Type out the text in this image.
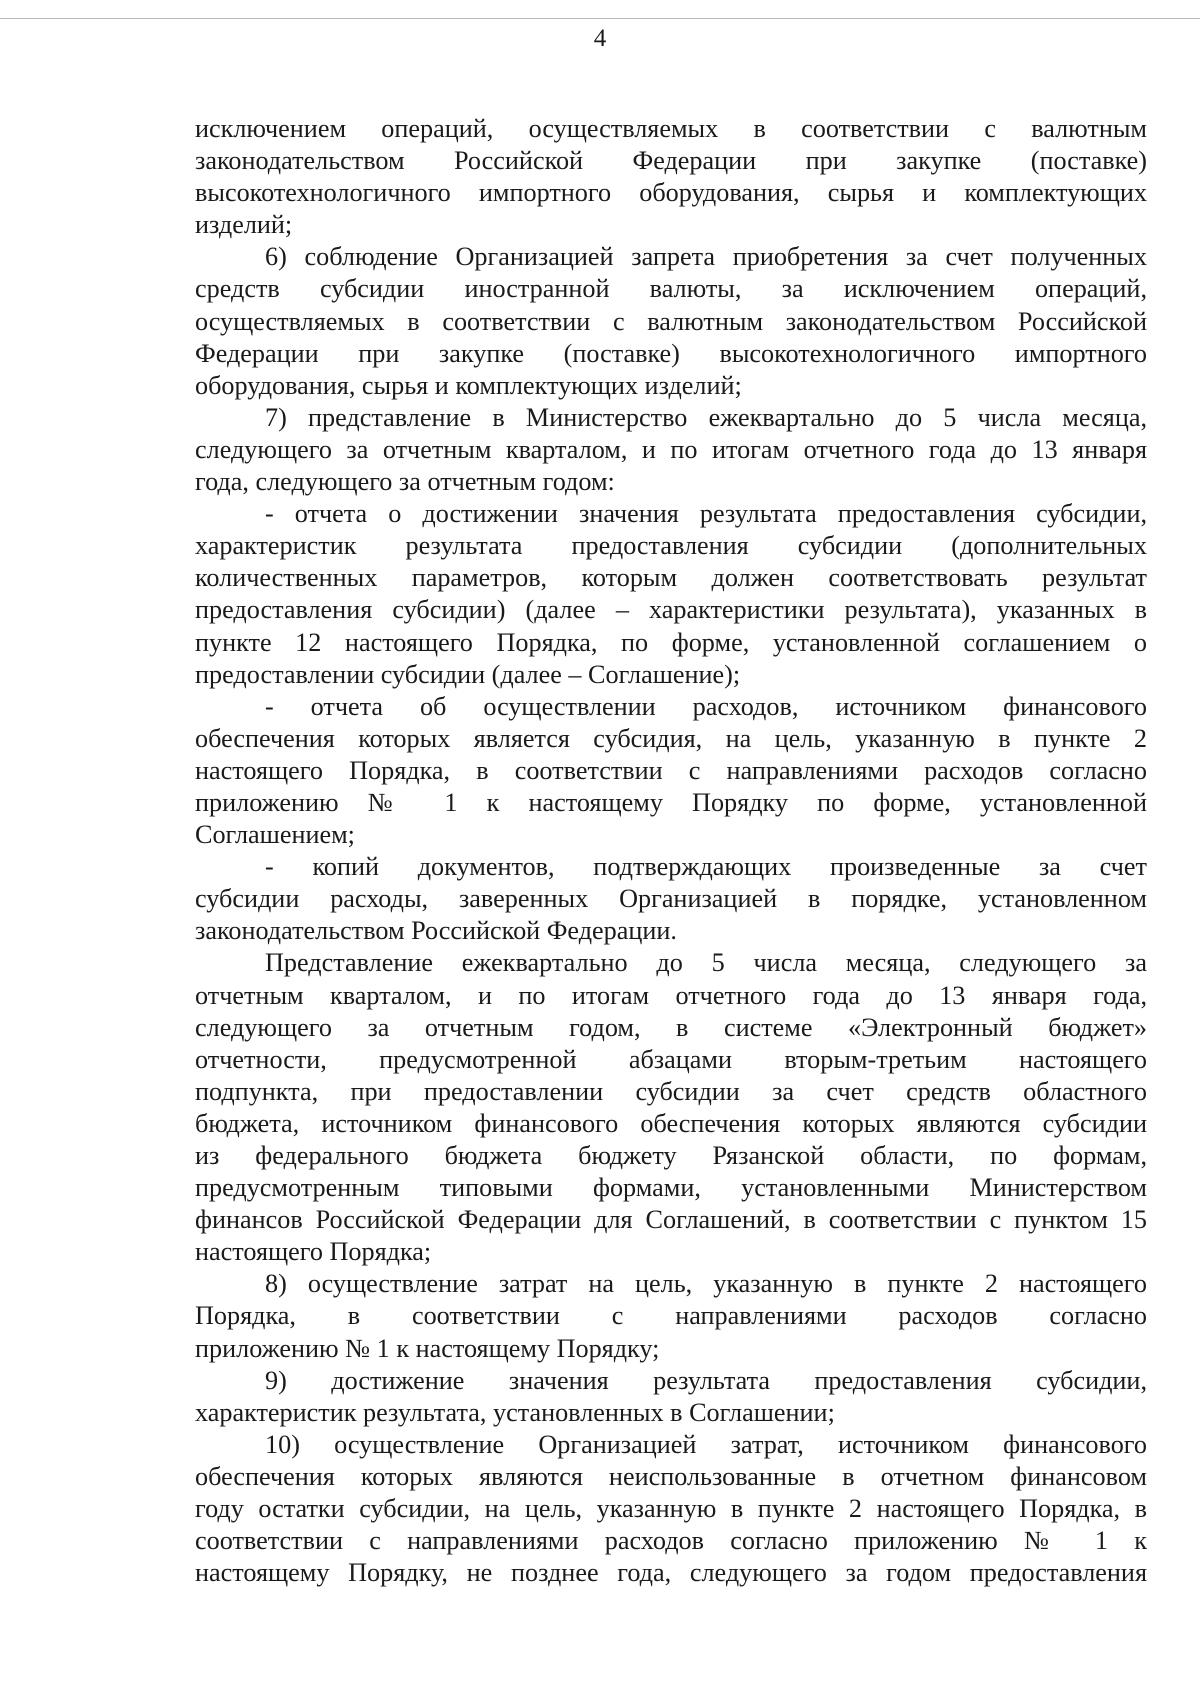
4
исключением операций, осуществляемых в соответствии с валютным
законодательством Российской Федерации при закупке (поставке)
высокотехнологичного импортного оборудования, сырья и комплектующих
изделий;
6) соблюдение Организацией запрета приобретения за счет полученных
средств субсидии иностранной валюты, за исключением операций,
осуществляемых в соответствии с валютным законодательством Российской
Федерации при закупке (поставке) высокотехнологичного импортного
оборудования, сырья и комплектующих изделий;
7) представление в Министерство ежеквартально до 5 числа месяца,
следующего за отчетным кварталом, и по итогам отчетного года до 13 января
года, следующего за отчетным годом:
- отчета о достижении значения результата предоставления субсидии,
характеристик результата предоставления субсидии (дополнительных
количественных параметров, которым должен соответствовать результат
предоставления субсидии) (далее – характеристики результата), указанных в
пункте 12 настоящего Порядка, по форме, установленной соглашением о
предоставлении субсидии (далее – Соглашение);
- отчета об осуществлении расходов, источником финансового
обеспечения которых является субсидия, на цель, указанную в пункте 2
настоящего Порядка, в соответствии с направлениями расходов согласно
приложению № 1 к настоящему Порядку по форме, установленной
Соглашением;
- копий документов, подтверждающих произведенные за счет
субсидии расходы, заверенных Организацией в порядке, установленном
законодательством Российской Федерации.
Представление ежеквартально до 5 числа месяца, следующего за
отчетным кварталом, и по итогам отчетного года до 13 января года,
следующего за отчетным годом, в системе «Электронный бюджет»
отчетности, предусмотренной абзацами вторым-третьим настоящего
подпункта, при предоставлении субсидии за счет средств областного
бюджета, источником финансового обеспечения которых являются субсидии
из федерального бюджета бюджету Рязанской области, по формам,
предусмотренным типовыми формами, установленными Министерством
финансов Российской Федерации для Соглашений, в соответствии с пунктом 15
настоящего Порядка;
8) осуществление затрат на цель, указанную в пункте 2 настоящего
Порядка, в соответствии с направлениями расходов согласно
приложению № 1 к настоящему Порядку;
9) достижение значения результата предоставления субсидии,
характеристик результата, установленных в Соглашении;
10) осуществление Организацией затрат, источником финансового
обеспечения которых являются неиспользованные в отчетном финансовом
году остатки субсидии, на цель, указанную в пункте 2 настоящего Порядка, в
соответствии с направлениями расходов согласно приложению № 1 к
настоящему Порядку, не позднее года, следующего за годом предоставления
